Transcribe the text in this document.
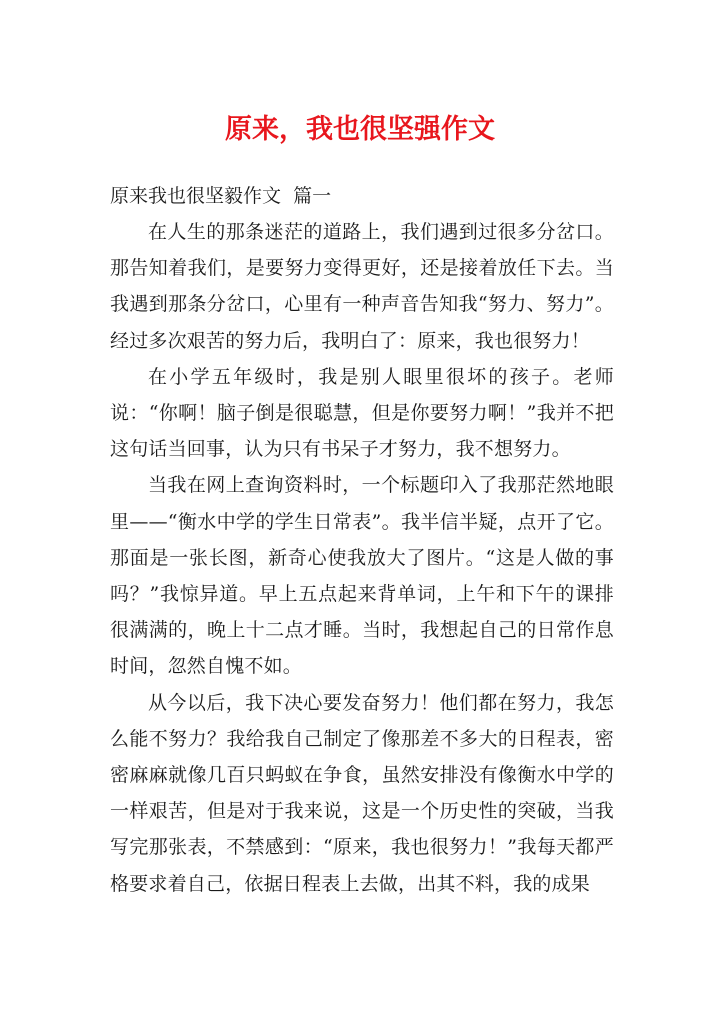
原来，我也很坚强作文

原来我也很坚毅作文  篇一

在人生的那条迷茫的道路上，我们遇到过很多分岔口。那告知着我们，是要努力变得更好，还是接着放任下去。当我遇到那条分岔口，心里有一种声音告知我“努力、努力”。经过多次艰苦的努力后，我明白了：原来，我也很努力！

在小学五年级时，我是别人眼里很坏的孩子。老师说：“你啊！脑子倒是很聪慧，但是你要努力啊！”我并不把这句话当回事，认为只有书呆子才努力，我不想努力。

当我在网上查询资料时，一个标题印入了我那茫然地眼里——“衡水中学的学生日常表”。我半信半疑，点开了它。那面是一张长图，新奇心使我放大了图片。“这是人做的事吗？”我惊异道。早上五点起来背单词，上午和下午的课排很满满的，晚上十二点才睡。当时，我想起自己的日常作息时间，忽然自愧不如。

从今以后，我下决心要发奋努力！他们都在努力，我怎么能不努力？我给我自己制定了像那差不多大的日程表，密密麻麻就像几百只蚂蚁在争食，虽然安排没有像衡水中学的一样艰苦，但是对于我来说，这是一个历史性的突破，当我写完那张表，不禁感到：“原来，我也很努力！”我每天都严格要求着自己，依据日程表上去做，出其不料，我的成果
